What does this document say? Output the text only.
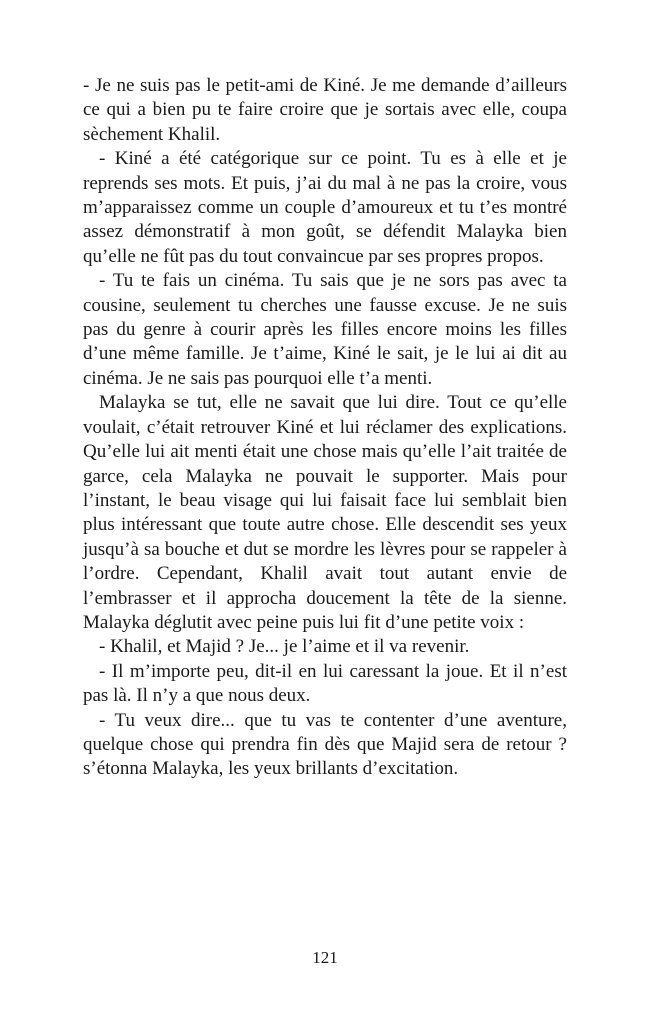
- Je ne suis pas le petit-ami de Kiné. Je me demande d’ailleurs ce qui a bien pu te faire croire que je sortais avec elle, coupa sèchement Khalil.

- Kiné a été catégorique sur ce point. Tu es à elle et je reprends ses mots. Et puis, j’ai du mal à ne pas la croire, vous m’apparaissez comme un couple d’amoureux et tu t’es montré assez démonstratif à mon goût, se défendit Malayka bien qu’elle ne fût pas du tout convaincue par ses propres propos.

- Tu te fais un cinéma. Tu sais que je ne sors pas avec ta cousine, seulement tu cherches une fausse excuse. Je ne suis pas du genre à courir après les filles encore moins les filles d’une même famille. Je t’aime, Kiné le sait, je le lui ai dit au cinéma. Je ne sais pas pourquoi elle t’a menti.

Malayka se tut, elle ne savait que lui dire. Tout ce qu’elle voulait, c’était retrouver Kiné et lui réclamer des explications. Qu’elle lui ait menti était une chose mais qu’elle l’ait traitée de garce, cela Malayka ne pouvait le supporter. Mais pour l’instant, le beau visage qui lui faisait face lui semblait bien plus intéressant que toute autre chose. Elle descendit ses yeux jusqu’à sa bouche et dut se mordre les lèvres pour se rappeler à l’ordre. Cependant, Khalil avait tout autant envie de l’embrasser et il approcha doucement la tête de la sienne. Malayka déglutit avec peine puis lui fit d’une petite voix :

- Khalil, et Majid ? Je... je l’aime et il va revenir.

- Il m’importe peu, dit-il en lui caressant la joue. Et il n’est pas là. Il n’y a que nous deux.

- Tu veux dire... que tu vas te contenter d’une aventure, quelque chose qui prendra fin dès que Majid sera de retour ? s’étonna Malayka, les yeux brillants d’excitation.

121
